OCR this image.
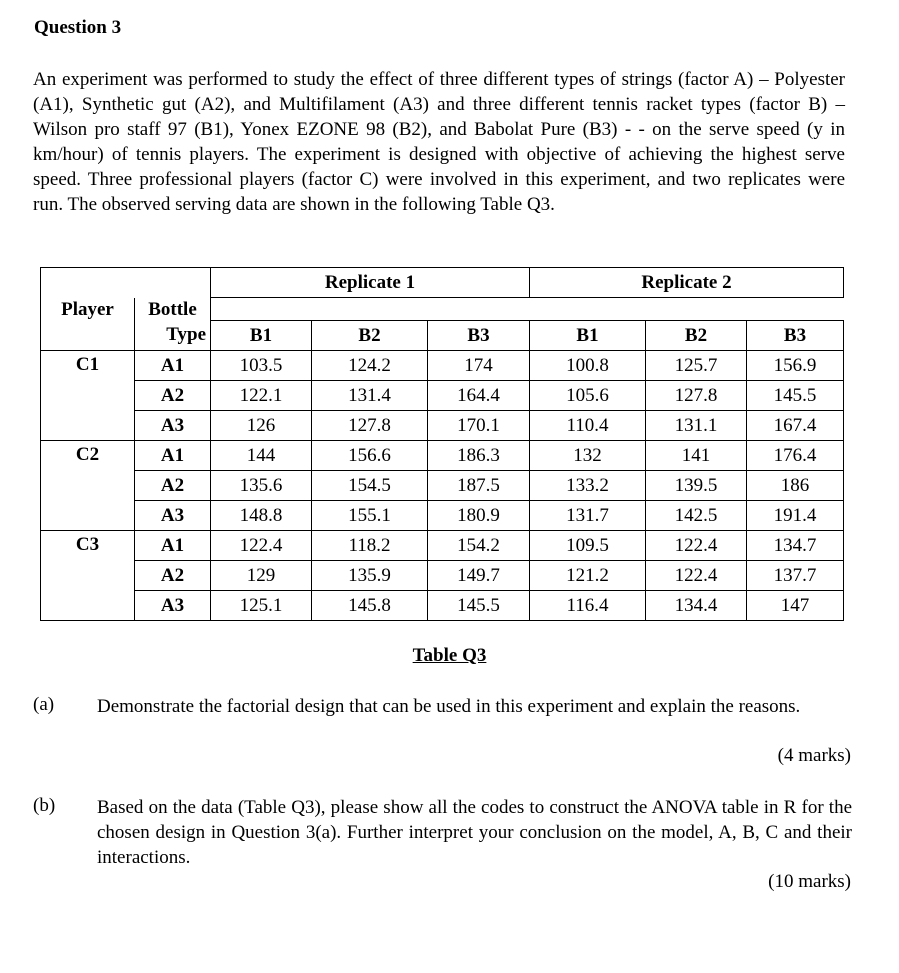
Question 3

An experiment was performed to study the effect of three different types of strings (factor A) – Polyester (A1), Synthetic gut (A2), and Multifilament (A3) and three different tennis racket types (factor B) – Wilson pro staff 97 (B1), Yonex EZONE 98 (B2), and Babolat Pure (B3) - - on the serve speed (y in km/hour) of tennis players. The experiment is designed with objective of achieving the highest serve speed. Three professional players (factor C) were involved in this experiment, and two replicates were run. The observed serving data are shown in the following Table Q3.

		Replicate 1			Replicate 2		
Player	Bottle						
	Type	B1	B2	B3	B1	B2	B3
C1	A1	103.5	124.2	174	100.8	125.7	156.9
	A2	122.1	131.4	164.4	105.6	127.8	145.5
	A3	126	127.8	170.1	110.4	131.1	167.4
C2	A1	144	156.6	186.3	132	141	176.4
	A2	135.6	154.5	187.5	133.2	139.5	186
	A3	148.8	155.1	180.9	131.7	142.5	191.4
C3	A1	122.4	118.2	154.2	109.5	122.4	134.7
	A2	129	135.9	149.7	121.2	122.4	137.7
	A3	125.1	145.8	145.5	116.4	134.4	147
Table Q3
(a) Demonstrate the factorial design that can be used in this experiment and explain the reasons.

(4 marks)
(b) Based on the data (Table Q3), please show all the codes to construct the ANOVA table in R for the chosen design in Question 3(a). Further interpret your conclusion on the model, A, B, C and their interactions.

(10 marks)
